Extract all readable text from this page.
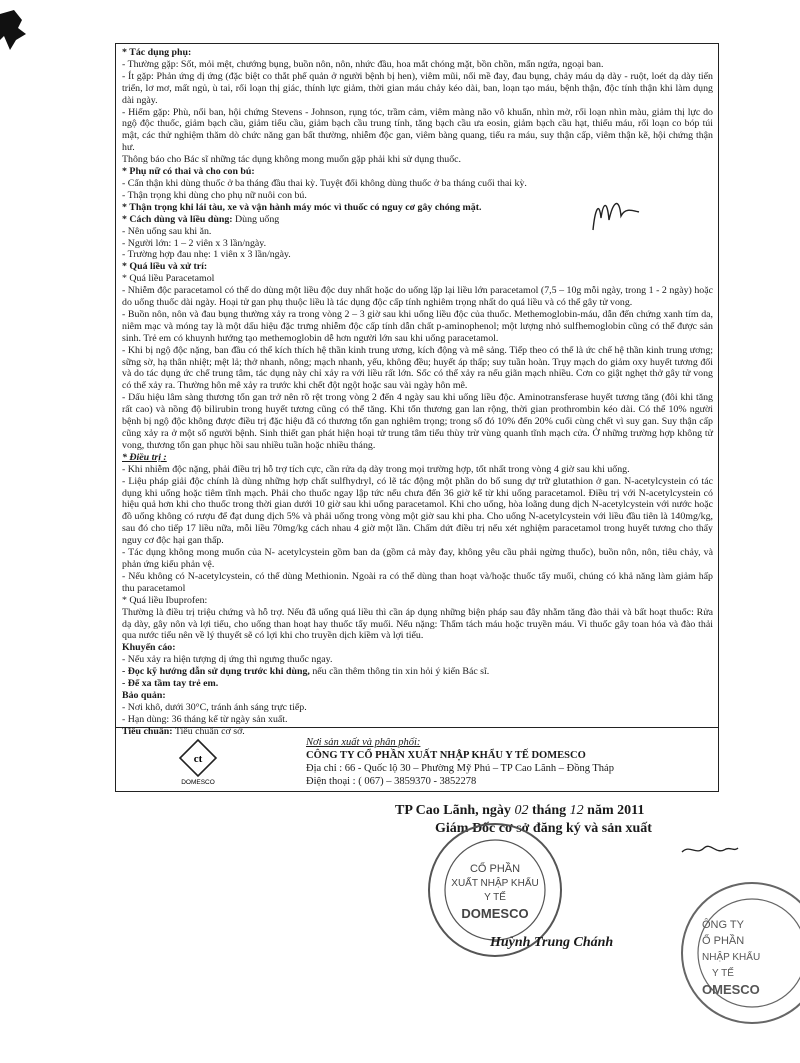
* Tác dụng phụ:

- Thường gặp: Sốt, mỏi mệt, chướng bụng, buồn nôn, nôn, nhức đầu, hoa mắt chóng mặt, bồn chồn, mẩn ngứa, ngoại ban.

- Ít gặp: Phản ứng dị ứng (đặc biệt co thắt phế quản ở người bệnh bị hen), viêm mũi, nổi mề đay, đau bụng, chảy máu dạ dày - ruột, loét dạ dày tiến triển, lơ mơ, mất ngủ, ù tai, rối loạn thị giác, thính lực giảm, thời gian máu chảy kéo dài, ban, loạn tạo máu, bệnh thận, độc tính thận khi làm dụng dài ngày.

- Hiếm gặp: Phù, nổi ban, hội chứng Stevens - Johnson, rụng tóc, trầm cảm, viêm màng não vô khuẩn, nhìn mờ, rối loạn nhìn màu, giảm thị lực do ngộ độc thuốc, giảm bạch cầu, giảm tiểu cầu, giảm bạch cầu trung tính, tăng bạch cầu ưa eosin, giảm bạch cầu hạt, thiếu máu, rối loạn co bóp túi mật, các thử nghiệm thăm dò chức năng gan bất thường, nhiễm độc gan, viêm bàng quang, tiểu ra máu, suy thận cấp, viêm thận kẽ, hội chứng thận hư.

Thông báo cho Bác sĩ những tác dụng không mong muốn gặp phải khi sử dụng thuốc.

* Phụ nữ có thai và cho con bú:

- Cẩn thận khi dùng thuốc ở ba tháng đầu thai kỳ. Tuyệt đối không dùng thuốc ở ba tháng cuối thai kỳ.

- Thận trọng khi dùng cho phụ nữ nuôi con bú.

* Thận trọng khi lái tàu, xe và vận hành máy móc vì thuốc có nguy cơ gây chóng mặt.

* Cách dùng và liều dùng: Dùng uống

- Nên uống sau khi ăn.

- Người lớn: 1 – 2 viên x 3 lần/ngày.

- Trường hợp đau nhẹ: 1 viên x 3 lần/ngày.

* Quá liều và xử trí:

* Quá liều Paracetamol

- Nhiễm độc paracetamol có thể do dùng một liều độc duy nhất hoặc do uống lặp lại liều lớn paracetamol (7,5 – 10g mỗi ngày, trong 1 - 2 ngày) hoặc do uống thuốc dài ngày. Hoại tử gan phụ thuộc liều là tác dụng độc cấp tính nghiêm trọng nhất do quá liều và có thể gây tử vong.

- Buồn nôn, nôn và đau bụng thường xảy ra trong vòng 2 – 3 giờ sau khi uống liều độc của thuốc. Methemoglobin-máu, dẫn đến chứng xanh tím da, niêm mạc và móng tay là một dấu hiệu đặc trưng nhiễm độc cấp tính dẫn chất p-aminophenol; một lượng nhỏ sulfhemoglobin cũng có thể được sản sinh. Trẻ em có khuynh hướng tạo methemoglobin dễ hơn người lớn sau khi uống paracetamol.

- Khi bị ngộ độc nặng, ban đầu có thể kích thích hệ thần kinh trung ương, kích động và mê sảng. Tiếp theo có thể là ức chế hệ thần kinh trung ương; sững sờ, hạ thân nhiệt; mệt lả; thở nhanh, nông; mạch nhanh, yếu, không đều; huyết áp thấp; suy tuần hoàn. Trụy mạch do giảm oxy huyết tương đối và do tác dụng ức chế trung tâm, tác dụng này chỉ xảy ra với liều rất lớn. Sốc có thể xảy ra nếu giãn mạch nhiều. Cơn co giật nghẹt thở gây tử vong có thể xảy ra. Thường hôn mê xảy ra trước khi chết đột ngột hoặc sau vài ngày hôn mê.

- Dấu hiệu lâm sàng thương tổn gan trở nên rõ rệt trong vòng 2 đến 4 ngày sau khi uống liều độc. Aminotransferase huyết tương tăng (đôi khi tăng rất cao) và nồng độ bilirubin trong huyết tương cũng có thể tăng. Khi tổn thương gan lan rộng, thời gian prothrombin kéo dài. Có thể 10% người bệnh bị ngộ độc không được điều trị đặc hiệu đã có thương tổn gan nghiêm trọng; trong số đó 10% đến 20% cuối cùng chết vì suy gan. Suy thận cấp cũng xảy ra ở một số người bệnh. Sinh thiết gan phát hiện hoại tử trung tâm tiểu thùy trừ vùng quanh tĩnh mạch cửa. Ở những trường hợp không tử vong, thương tổn gan phục hồi sau nhiều tuần hoặc nhiều tháng.

* Điều trị :

- Khi nhiễm độc nặng, phải điều trị hỗ trợ tích cực, cần rửa dạ dày trong mọi trường hợp, tốt nhất trong vòng 4 giờ sau khi uống.

- Liệu pháp giải độc chính là dùng những hợp chất sulfhydryl, có lẽ tác động một phần do bổ sung dự trữ glutathion ở gan. N-acetylcystein có tác dụng khi uống hoặc tiêm tĩnh mạch. Phải cho thuốc ngay lập tức nếu chưa đến 36 giờ kể từ khi uống paracetamol. Điều trị với N-acetylcystein có hiệu quả hơn khi cho thuốc trong thời gian dưới 10 giờ sau khi uống paracetamol. Khi cho uống, hòa loãng dung dịch N-acetylcystein với nước hoặc đồ uống không có rượu để đạt dung dịch 5% và phải uống trong vòng một giờ sau khi pha. Cho uống N-acetylcystein với liều đầu tiên là 140mg/kg, sau đó cho tiếp 17 liều nữa, mỗi liều 70mg/kg cách nhau 4 giờ một lần. Chấm dứt điều trị nếu xét nghiệm paracetamol trong huyết tương cho thấy nguy cơ độc hại gan thấp.

- Tác dụng không mong muốn của N- acetylcystein gồm ban da (gồm cả mày đay, không yêu cầu phải ngừng thuốc), buồn nôn, nôn, tiêu chảy, và phản ứng kiểu phản vệ.

- Nếu không có N-acetylcystein, có thể dùng Methionin. Ngoài ra có thể dùng than hoạt và/hoặc thuốc tẩy muối, chúng có khả năng làm giảm hấp thu paracetamol

* Quá liều Ibuprofen:

Thường là điều trị triệu chứng và hỗ trợ. Nếu đã uống quá liều thì cần áp dụng những biện pháp sau đây nhằm tăng đào thải và bất hoạt thuốc: Rửa dạ dày, gây nôn và lợi tiểu, cho uống than hoạt hay thuốc tẩy muối. Nếu nặng: Thẩm tách máu hoặc truyền máu. Vì thuốc gây toan hóa và đào thải qua nước tiểu nên về lý thuyết sẽ có lợi khi cho truyền dịch kiềm và lợi tiểu.

Khuyến cáo:

- Nếu xảy ra hiện tượng dị ứng thì ngưng thuốc ngay.

- Đọc kỹ hướng dẫn sử dụng trước khi dùng, nếu cần thêm thông tin xin hỏi ý kiến Bác sĩ.

- Để xa tầm tay trẻ em.

Bảo quản:

- Nơi khô, dưới 30°C, tránh ánh sáng trực tiếp.

- Hạn dùng: 36 tháng kể từ ngày sản xuất.

Tiêu chuẩn: Tiêu chuẩn cơ sở.

ct
DOMESCO
Nơi sản xuất và phân phối:
CÔNG TY CỔ PHẦN XUẤT NHẬP KHẨU Y TẾ DOMESCO
Địa chỉ : 66 - Quốc lộ 30 – Phường Mỹ Phú – TP Cao Lãnh – Đồng Tháp
Điện thoại : ( 067) – 3859370 - 3852278
TP Cao Lãnh, ngày 02 tháng 12 năm 2011
Giám Đốc cơ sở đăng ký và sản xuất
CỔ PHẦN
XUẤT NHẬP KHẨU
Y TẾ
DOMESCO
Huỳnh Trung Chánh
ÔNG TY
Ổ PHẦN
NHẬP KHẨU
Y TẾ
OMESCO
